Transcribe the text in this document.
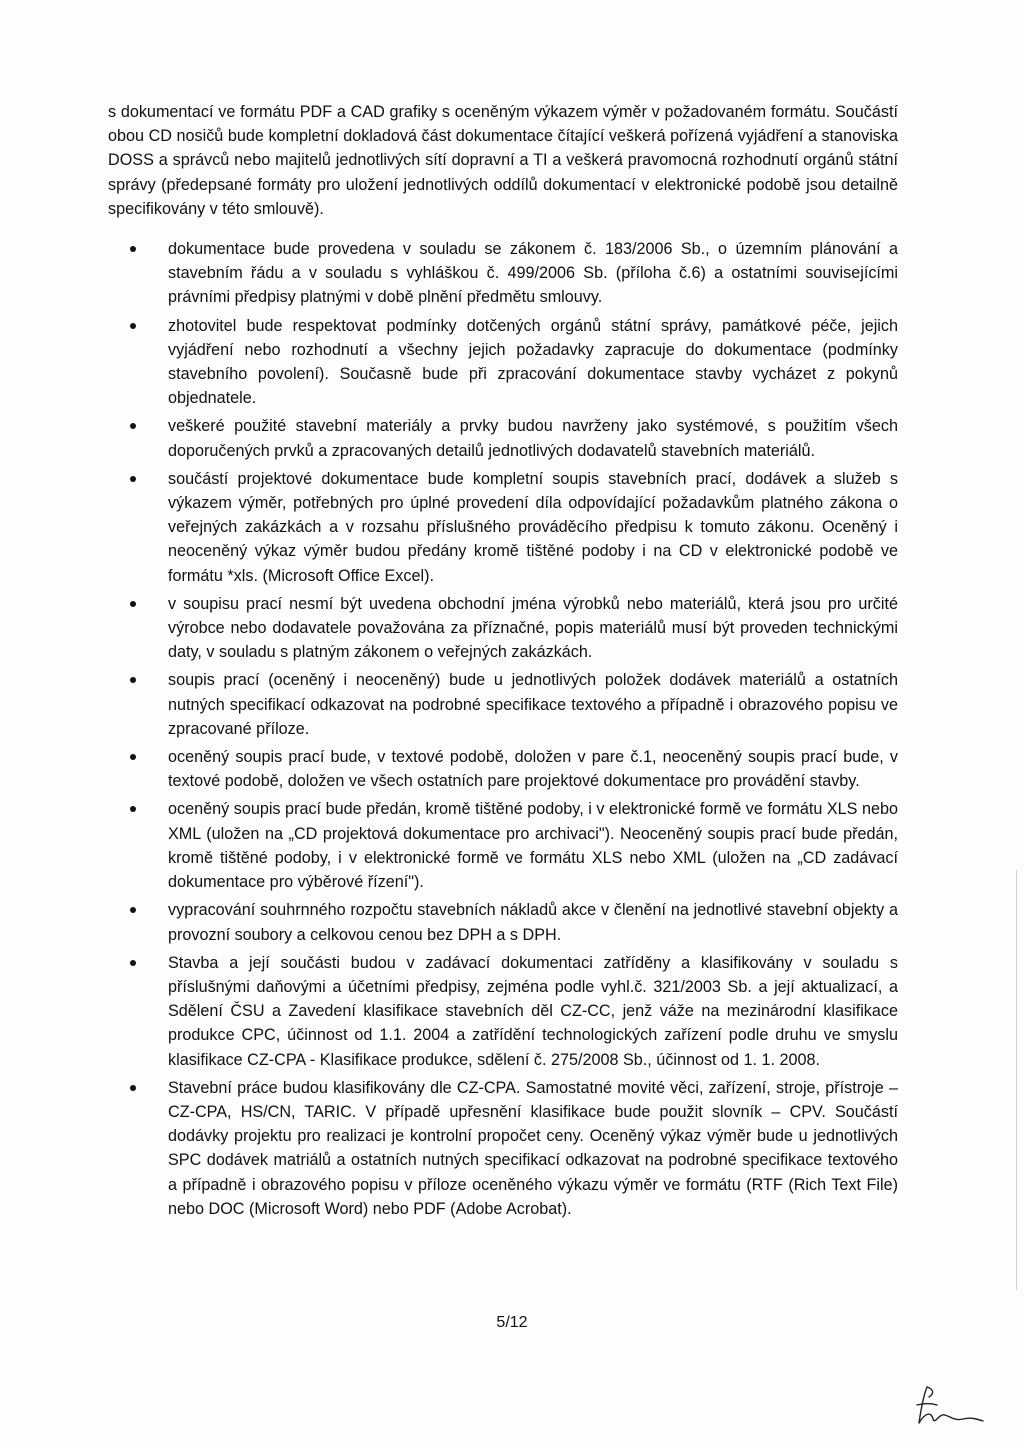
s dokumentací ve formátu PDF a CAD grafiky s oceněným výkazem výměr v požadovaném formátu. Součástí obou CD nosičů bude kompletní dokladová část dokumentace čítající veškerá pořízená vyjádření a stanoviska DOSS a správců nebo majitelů jednotlivých sítí dopravní a TI a veškerá pravomocná rozhodnutí orgánů státní správy (předepsané formáty pro uložení jednotlivých oddílů dokumentací v elektronické podobě jsou detailně specifikovány v této smlouvě).

dokumentace bude provedena v souladu se zákonem č. 183/2006 Sb., o územním plánování a stavebním řádu a v souladu s vyhláškou č. 499/2006 Sb. (příloha č.6) a ostatními souvisejícími právními předpisy platnými v době plnění předmětu smlouvy.
zhotovitel bude respektovat podmínky dotčených orgánů státní správy, památkové péče, jejich vyjádření nebo rozhodnutí a všechny jejich požadavky zapracuje do dokumentace (podmínky stavebního povolení). Současně bude při zpracování dokumentace stavby vycházet z pokynů objednatele.
veškeré použité stavební materiály a prvky budou navrženy jako systémové, s použitím všech doporučených prvků a zpracovaných detailů jednotlivých dodavatelů stavebních materiálů.
součástí projektové dokumentace bude kompletní soupis stavebních prací, dodávek a služeb s výkazem výměr, potřebných pro úplné provedení díla odpovídající požadavkům platného zákona o veřejných zakázkách a v rozsahu příslušného prováděcího předpisu k tomuto zákonu. Oceněný i neoceněný výkaz výměr budou předány kromě tištěné podoby i na CD v elektronické podobě ve formátu *xls. (Microsoft Office Excel).
v soupisu prací nesmí být uvedena obchodní jména výrobků nebo materiálů, která jsou pro určité výrobce nebo dodavatele považována za příznačné, popis materiálů musí být proveden technickými daty, v souladu s platným zákonem o veřejných zakázkách.
soupis prací (oceněný i neoceněný) bude u jednotlivých položek dodávek materiálů a ostatních nutných specifikací odkazovat na podrobné specifikace textového a případně i obrazového popisu ve zpracované příloze.
oceněný soupis prací bude, v textové podobě, doložen v pare č.1, neoceněný soupis prací bude, v textové podobě, doložen ve všech ostatních pare projektové dokumentace pro provádění stavby.
oceněný soupis prací bude předán, kromě tištěné podoby, i v elektronické formě ve formátu XLS nebo XML (uložen na „CD projektová dokumentace pro archivaci"). Neoceněný soupis prací bude předán, kromě tištěné podoby, i v elektronické formě ve formátu XLS nebo XML (uložen na „CD zadávací dokumentace pro výběrové řízení").
vypracování souhrnného rozpočtu stavebních nákladů akce v členění na jednotlivé stavební objekty a provozní soubory a celkovou cenou bez DPH a s DPH.
Stavba a její součásti budou v zadávací dokumentaci zatříděny a klasifikovány v souladu s příslušnými daňovými a účetními předpisy, zejména podle vyhl.č. 321/2003 Sb. a její aktualizací, a Sdělení ČSU a Zavedení klasifikace stavebních děl CZ-CC, jenž váže na mezinárodní klasifikace produkce CPC, účinnost od 1.1. 2004 a zatřídění technologických zařízení podle druhu ve smyslu klasifikace CZ-CPA - Klasifikace produkce, sdělení č. 275/2008 Sb., účinnost od 1. 1. 2008.
Stavební práce budou klasifikovány dle CZ-CPA. Samostatné movité věci, zařízení, stroje, přístroje – CZ-CPA, HS/CN, TARIC. V případě upřesnění klasifikace bude použit slovník – CPV. Součástí dodávky projektu pro realizaci je kontrolní propočet ceny. Oceněný výkaz výměr bude u jednotlivých SPC dodávek matriálů a ostatních nutných specifikací odkazovat na podrobné specifikace textového a případně i obrazového popisu v příloze oceněného výkazu výměr ve formátu (RTF (Rich Text File) nebo DOC (Microsoft Word) nebo PDF (Adobe Acrobat).
5/12
